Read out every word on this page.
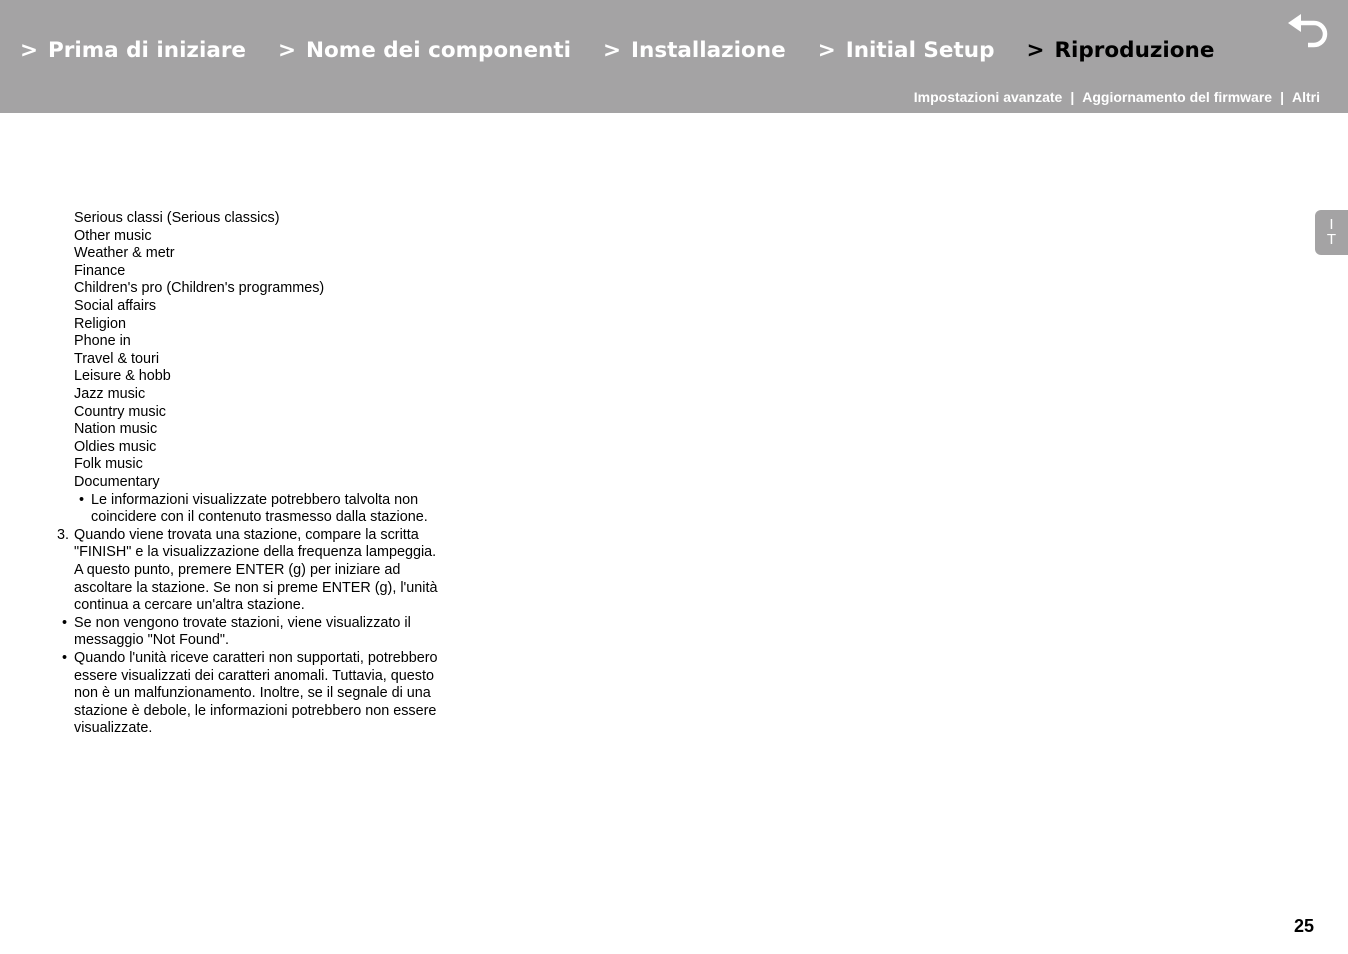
> Prima di iniziare > Nome dei componenti > Installazione > Initial Setup > Riproduzione
Impostazioni avanzate | Aggiornamento del firmware | Altri
I
T
Serious classi (Serious classics)
Other music
Weather & metr
Finance
Children's pro (Children's programmes)
Social affairs
Religion
Phone in
Travel & touri
Leisure & hobb
Jazz music
Country music
Nation music
Oldies music
Folk music
Documentary
• Le informazioni visualizzate potrebbero talvolta non
coincidere con il contenuto trasmesso dalla stazione.
3. Quando viene trovata una stazione, compare la scritta
"FINISH" e la visualizzazione della frequenza lampeggia.
A questo punto, premere ENTER (g) per iniziare ad
ascoltare la stazione. Se non si preme ENTER (g), l'unità
continua a cercare un'altra stazione.
• Se non vengono trovate stazioni, viene visualizzato il
messaggio "Not Found".
• Quando l'unità riceve caratteri non supportati, potrebbero
essere visualizzati dei caratteri anomali. Tuttavia, questo
non è un malfunzionamento. Inoltre, se il segnale di una
stazione è debole, le informazioni potrebbero non essere
visualizzate.
25
